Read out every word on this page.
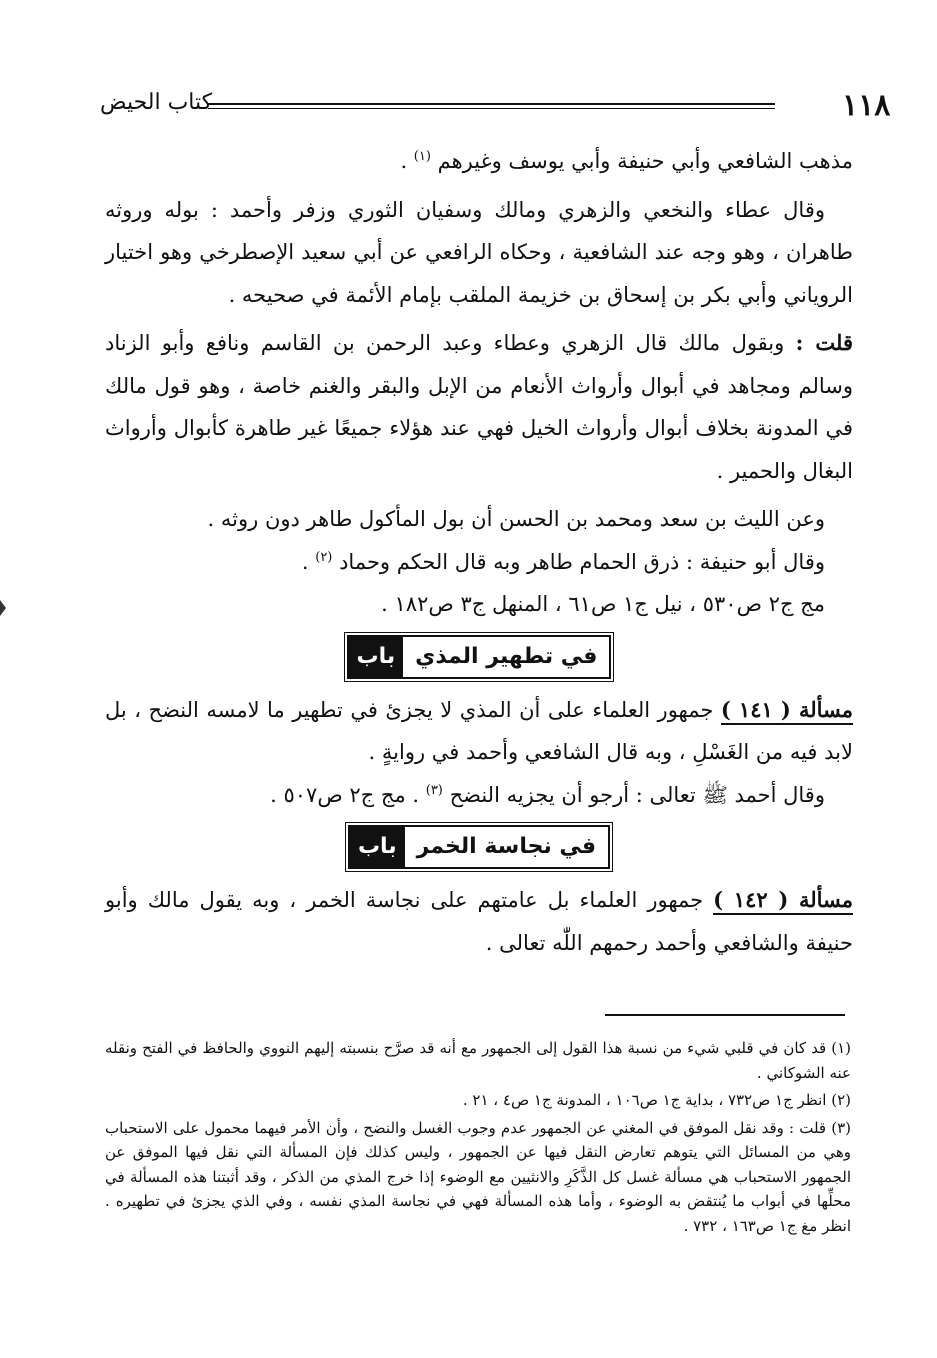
١١٨
كتاب الحيض

مذهب الشافعي وأبي حنيفة وأبي يوسف وغيرهم $^{(١)}$ .

وقال عطاء والنخعي والزهري ومالك وسفيان الثوري وزفر وأحمد : بوله وروثه طاهران ، وهو وجه عند الشافعية ، وحكاه الرافعي عن أبي سعيد الإصطرخي وهو اختيار الروياني وأبي بكر بن إسحاق بن خزيمة الملقب بإمام الأئمة في صحيحه .

قلت : وبقول مالك قال الزهري وعطاء وعبد الرحمن بن القاسم ونافع وأبو الزناد وسالم ومجاهد في أبوال وأرواث الأنعام من الإبل والبقر والغنم خاصة ، وهو قول مالك في المدونة بخلاف أبوال وأرواث الخيل فهي عند هؤلاء جميعًا غير طاهرة كأبوال وأرواث البغال والحمير .

وعن الليث بن سعد ومحمد بن الحسن أن بول المأكول طاهر دون روثه .

وقال أبو حنيفة : ذرق الحمام طاهر وبه قال الحكم وحماد $^{(٢)}$ .

مج ج٢ ص٥٣٠ ، نيل ج١ ص٦١ ، المنهل ج٣ ص١٨٢ .

باب في تطهير المذي

مسألة ( ١٤١ ) جمهور العلماء على أن المذي لا يجزئ في تطهير ما لامسه النضح ، بل لابد فيه من الغَسْلِ ، وبه قال الشافعي وأحمد في روايةٍ .

وقال أحمد ﷺ تعالى : أرجو أن يجزيه النضح $^{(٣)}$ . مج ج٢ ص٥٠٧ .

باب في نجاسة الخمر

مسألة ( ١٤٢ ) جمهور العلماء بل عامتهم على نجاسة الخمر ، وبه يقول مالك وأبو حنيفة والشافعي وأحمد رحمهم اللّٰه تعالى .

(١) قد كان في قلبي شيء من نسبة هذا القول إلى الجمهور مع أنه قد صرَّح بنسبته إليهم النووي والحافظ في الفتح ونقله عنه الشوكاني .

(٢) انظر ج١ ص٧٣٢ ، بداية ج١ ص١٠٦ ، المدونة ج١ ص٤ ، ٢١ .

(٣) قلت : وقد نقل الموفق في المغني عن الجمهور عدم وجوب الغسل والنضح ، وأن الأمر فيهما محمول على الاستحباب وهي من المسائل التي يتوهم تعارض النقل فيها عن الجمهور ، وليس كذلك فإن المسألة التي نقل فيها الموفق عن الجمهور الاستحباب هي مسألة غسل كل الذَّكَرِ والانثيين مع الوضوء إذا خرج المذي من الذكر ، وقد أثبتنا هذه المسألة في محلِّها في أبواب ما يُنتقض به الوضوء ، وأما هذه المسألة فهي في نجاسة المذي نفسه ، وفي الذي يجزئ في تطهيره . انظر مغ ج١ ص١٦٣ ، ٧٣٢ .
